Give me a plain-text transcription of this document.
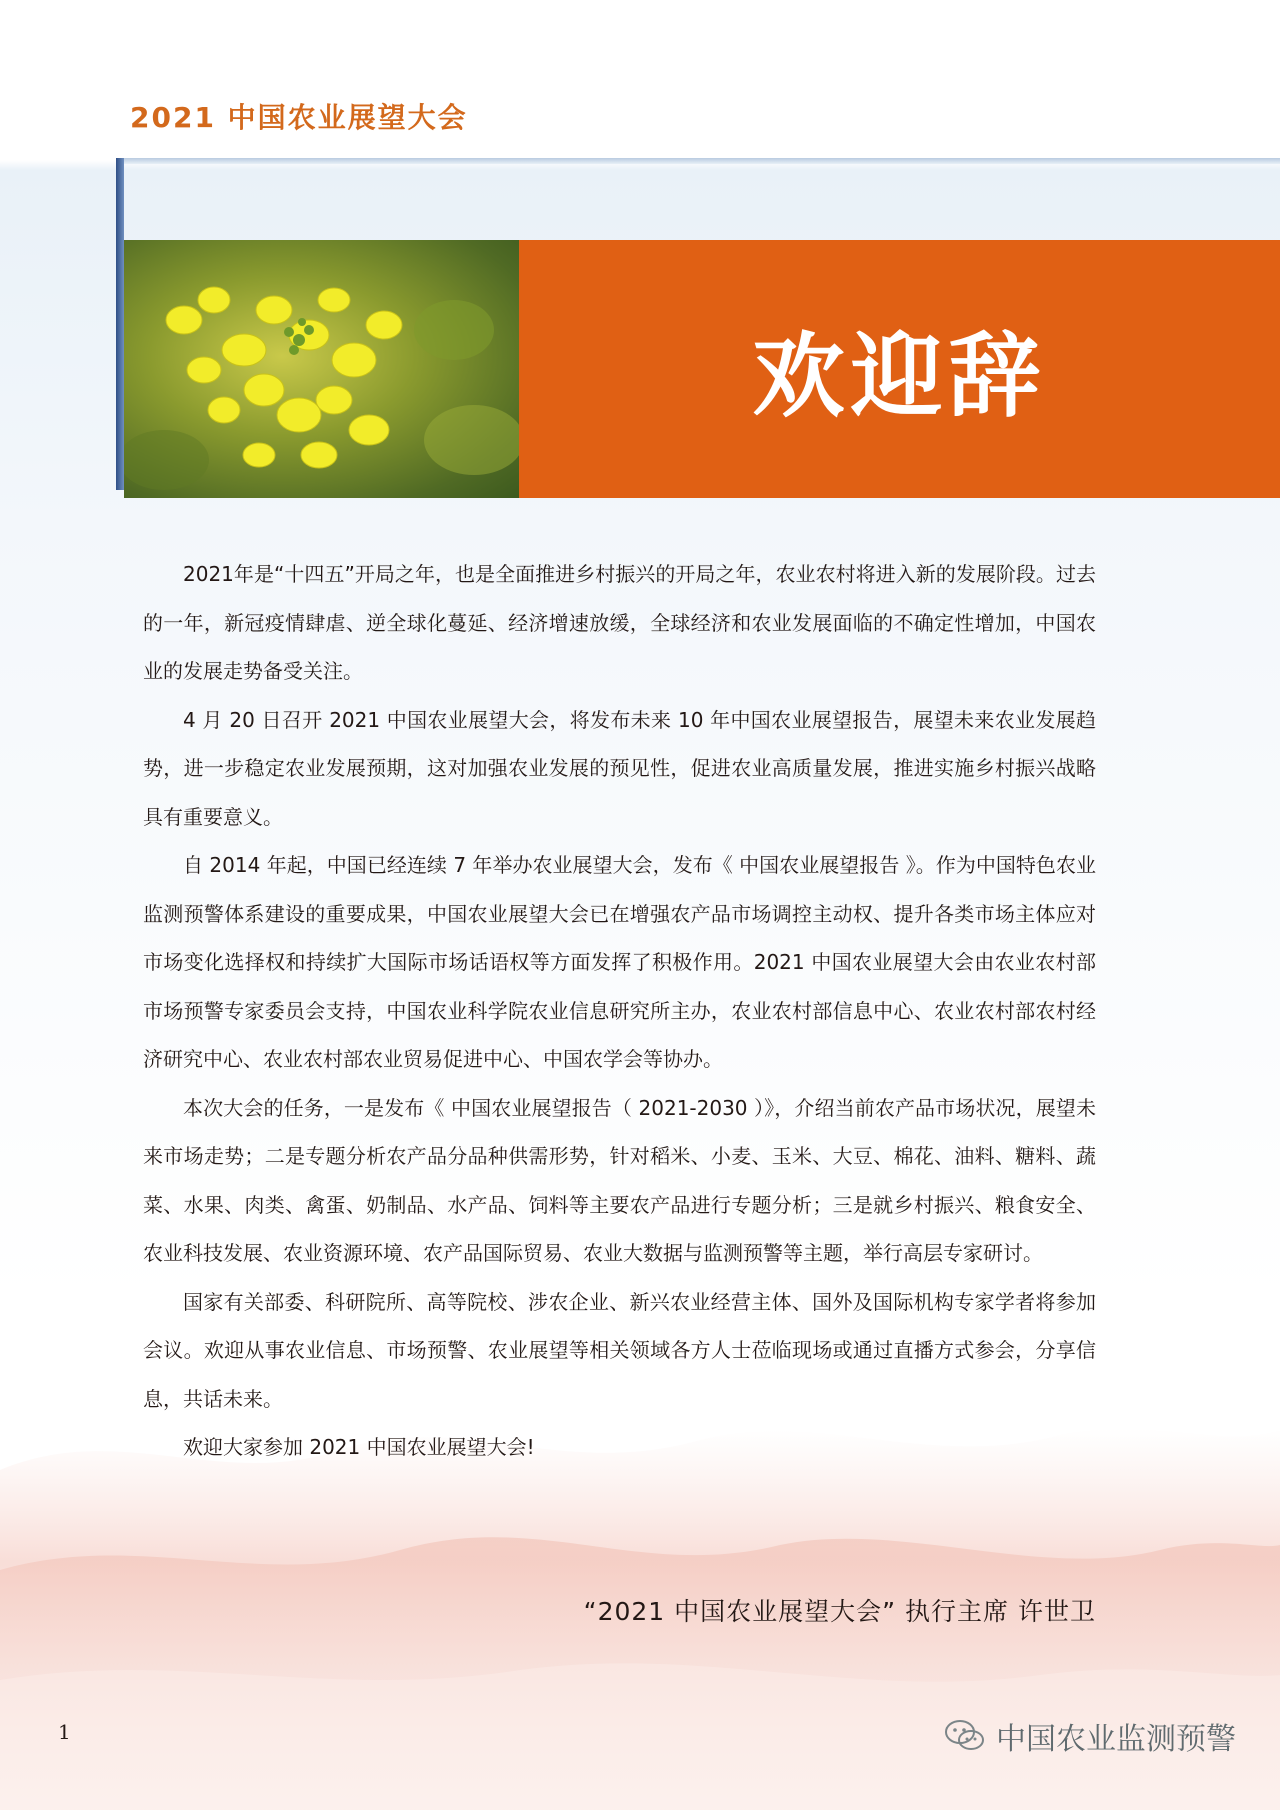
2021 中国农业展望大会
欢迎辞

2021年是“十四五”开局之年，也是全面推进乡村振兴的开局之年，农业农村将进入新的发展阶段。过去的一年，新冠疫情肆虐、逆全球化蔓延、经济增速放缓，全球经济和农业发展面临的不确定性增加，中国农业的发展走势备受关注。

4 月 20 日召开 2021 中国农业展望大会，将发布未来 10 年中国农业展望报告，展望未来农业发展趋势，进一步稳定农业发展预期，这对加强农业发展的预见性，促进农业高质量发展，推进实施乡村振兴战略具有重要意义。

自 2014 年起，中国已经连续 7 年举办农业展望大会，发布《 中国农业展望报告 》。作为中国特色农业监测预警体系建设的重要成果，中国农业展望大会已在增强农产品市场调控主动权、提升各类市场主体应对市场变化选择权和持续扩大国际市场话语权等方面发挥了积极作用。2021 中国农业展望大会由农业农村部市场预警专家委员会支持，中国农业科学院农业信息研究所主办，农业农村部信息中心、农业农村部农村经济研究中心、农业农村部农业贸易促进中心、中国农学会等协办。

本次大会的任务，一是发布《 中国农业展望报告（ 2021-2030 ）》，介绍当前农产品市场状况，展望未来市场走势；二是专题分析农产品分品种供需形势，针对稻米、小麦、玉米、大豆、棉花、油料、糖料、蔬菜、水果、肉类、禽蛋、奶制品、水产品、饲料等主要农产品进行专题分析；三是就乡村振兴、粮食安全、农业科技发展、农业资源环境、农产品国际贸易、农业大数据与监测预警等主题，举行高层专家研讨。

国家有关部委、科研院所、高等院校、涉农企业、新兴农业经营主体、国外及国际机构专家学者将参加会议。欢迎从事农业信息、市场预警、农业展望等相关领域各方人士莅临现场或通过直播方式参会，分享信息，共话未来。

欢迎大家参加 2021 中国农业展望大会!

“2021 中国农业展望大会” 执行主席 许世卫
1	中国农业监测预警
